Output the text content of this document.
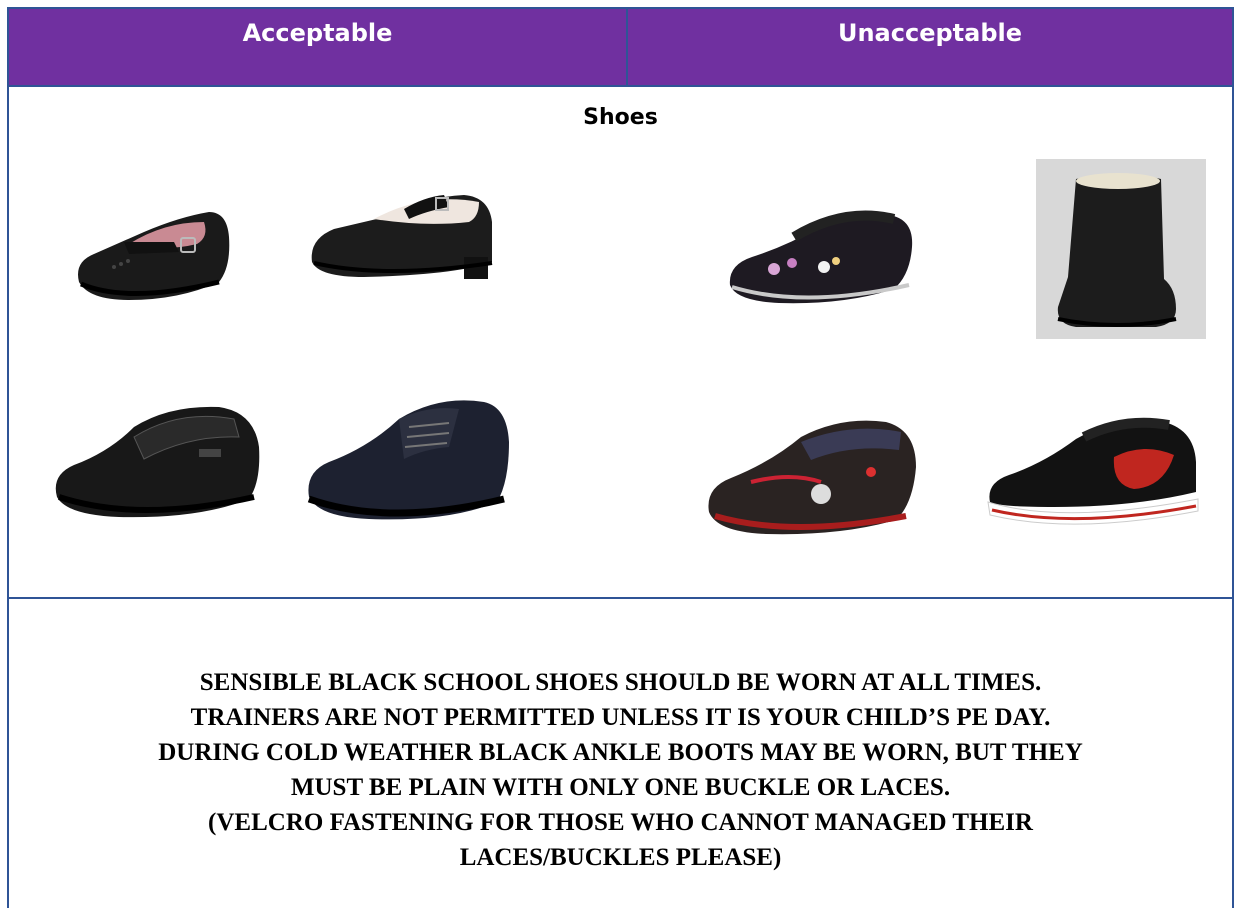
Acceptable	Unacceptable
Shoes
SENSIBLE BLACK SCHOOL SHOES SHOULD BE WORN AT ALL TIMES.
TRAINERS ARE NOT PERMITTED UNLESS IT IS YOUR CHILD’S PE DAY.
DURING COLD WEATHER BLACK ANKLE BOOTS MAY BE WORN, BUT THEY
MUST BE PLAIN WITH ONLY ONE BUCKLE OR LACES.
(VELCRO FASTENING FOR THOSE WHO CANNOT MANAGED THEIR
LACES/BUCKLES PLEASE)
